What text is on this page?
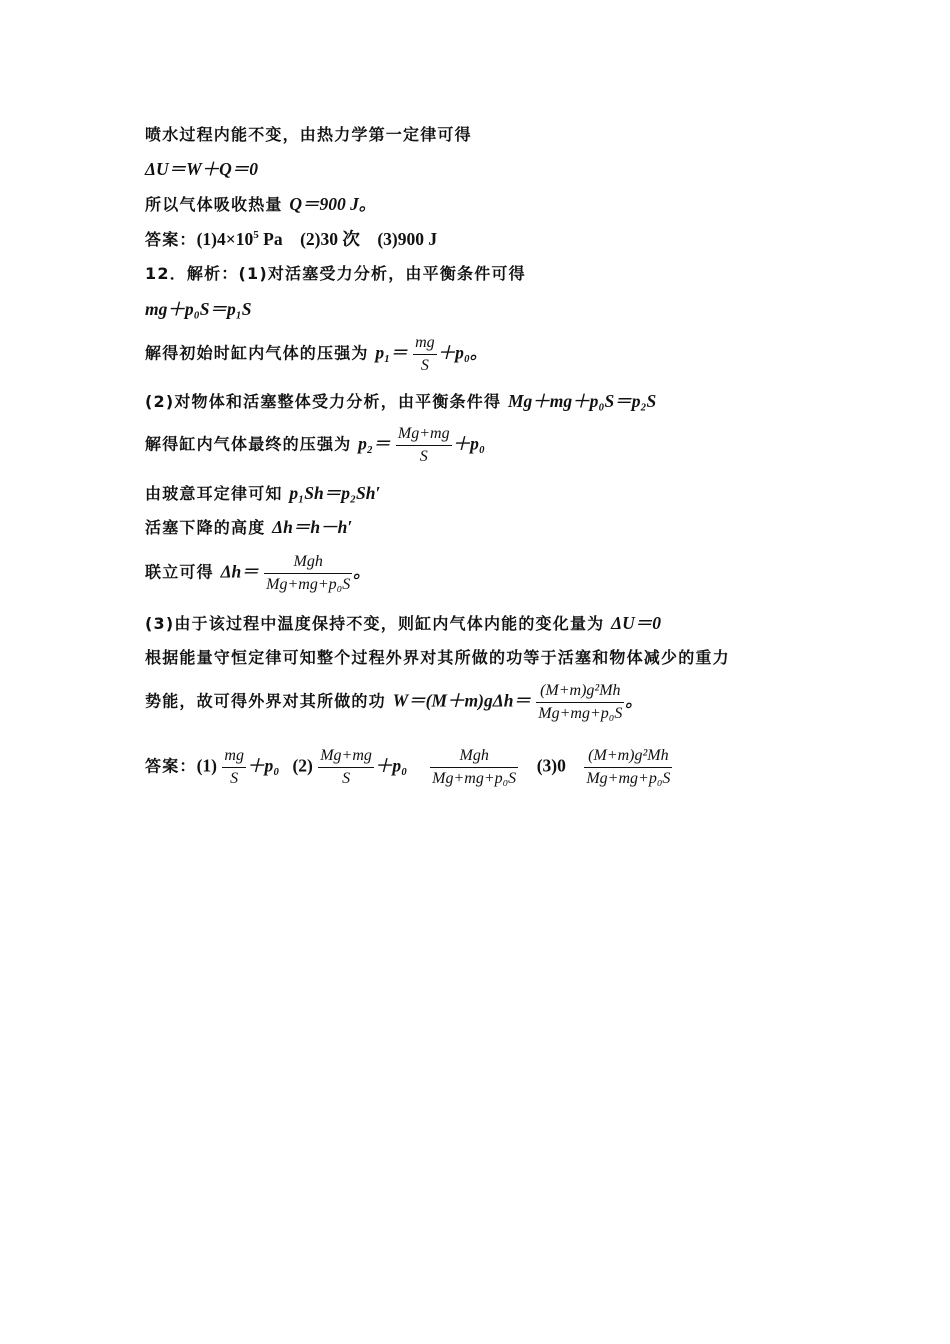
喷水过程内能不变，由热力学第一定律可得
ΔU＝W＋Q＝0
所以气体吸收热量 Q＝900 J。
答案：$(1)4\times 10^5$ Pa　(2)30 次　(3)900 J
12．解析：(1)对活塞受力分析，由平衡条件可得
mg＋p₀S＝p₁S
解得初始时缸内气体的压强为 $p_1= \frac{mg}{S} +p_0$。
(2)对物体和活塞整体受力分析，由平衡条件得 Mg＋mg＋p₀S＝p₂S
解得缸内气体最终的压强为 $p_2= \frac{Mg+mg}{S} +p_0$
由玻意耳定律可知 p₁Sh＝p₂Sh′
活塞下降的高度 Δh＝h－h′
联立可得 $\Delta h= \frac{\text{Mgh}}{\text{Mg+mg+p₀S}}$ 。
(3)由于该过程中温度保持不变，则缸内气体内能的变化量为 ΔU＝0
根据能量守恒定律可知整个过程外界对其所做的功等于活塞和物体减少的重力
势能，故可得外界对其所做的功 $W=(M+m)g\Delta h= \frac{\text{(M+m)g²Mh}}{\text{Mg+mg+p₀S}}$ 。
答案：$(1) \frac{mg}{S} +p_0$ $(2) \frac{Mg+mg}{S} +p_0 \frac{\text{Mgh}}{\text{Mg+mg+p₀S}} (3)0 \frac{\text{(M+m)g²Mh}}{\text{Mg+mg+p₀S}}$
